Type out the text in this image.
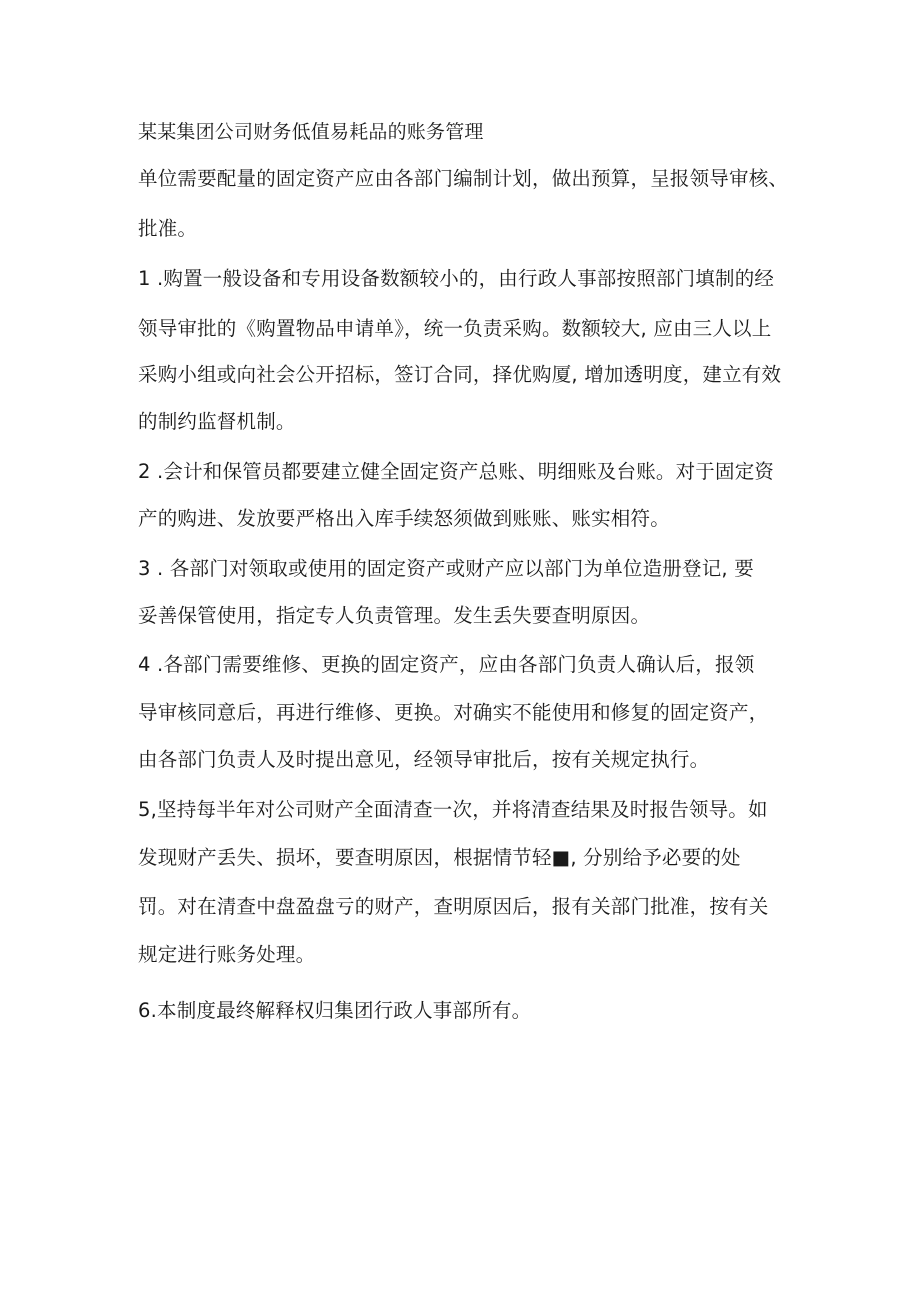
某某集团公司财务低值易耗品的账务管理
单位需要配量的固定资产应由各部门编制计划，做出预算，呈报领导审核、
批准。
1 .购置一般设备和专用设备数额较小的，由行政人事部按照部门填制的经
领导审批的《购置物品申请单》，统一负责采购。数额较大, 应由三人以上
采购小组或向社会公开招标，签订合同，择优购厦, 增加透明度，建立有效
的制约监督机制。
2 .会计和保管员都要建立健全固定资产总账、明细账及台账。对于固定资
产的购进、发放要严格出入库手续怒须做到账账、账实相符。
3 . 各部门对领取或使用的固定资产或财产应以部门为单位造册登记, 要
妥善保管使用，指定专人负责管理。发生丢失要查明原因。
4 .各部门需要维修、更换的固定资产，应由各部门负责人确认后，报领
导审核同意后，再进行维修、更换。对确实不能使用和修复的固定资产，
由各部门负责人及时提出意见，经领导审批后，按有关规定执行。
5,坚持每半年对公司财产全面清查一次，并将清查结果及时报告领导。如
发现财产丢失、损坏，要查明原因，根据情节轻■, 分别给予必要的处
罚。对在清查中盘盈盘亏的财产，查明原因后，报有关部门批准，按有关
规定进行账务处理。
6.本制度最终解释权归集团行政人事部所有。
